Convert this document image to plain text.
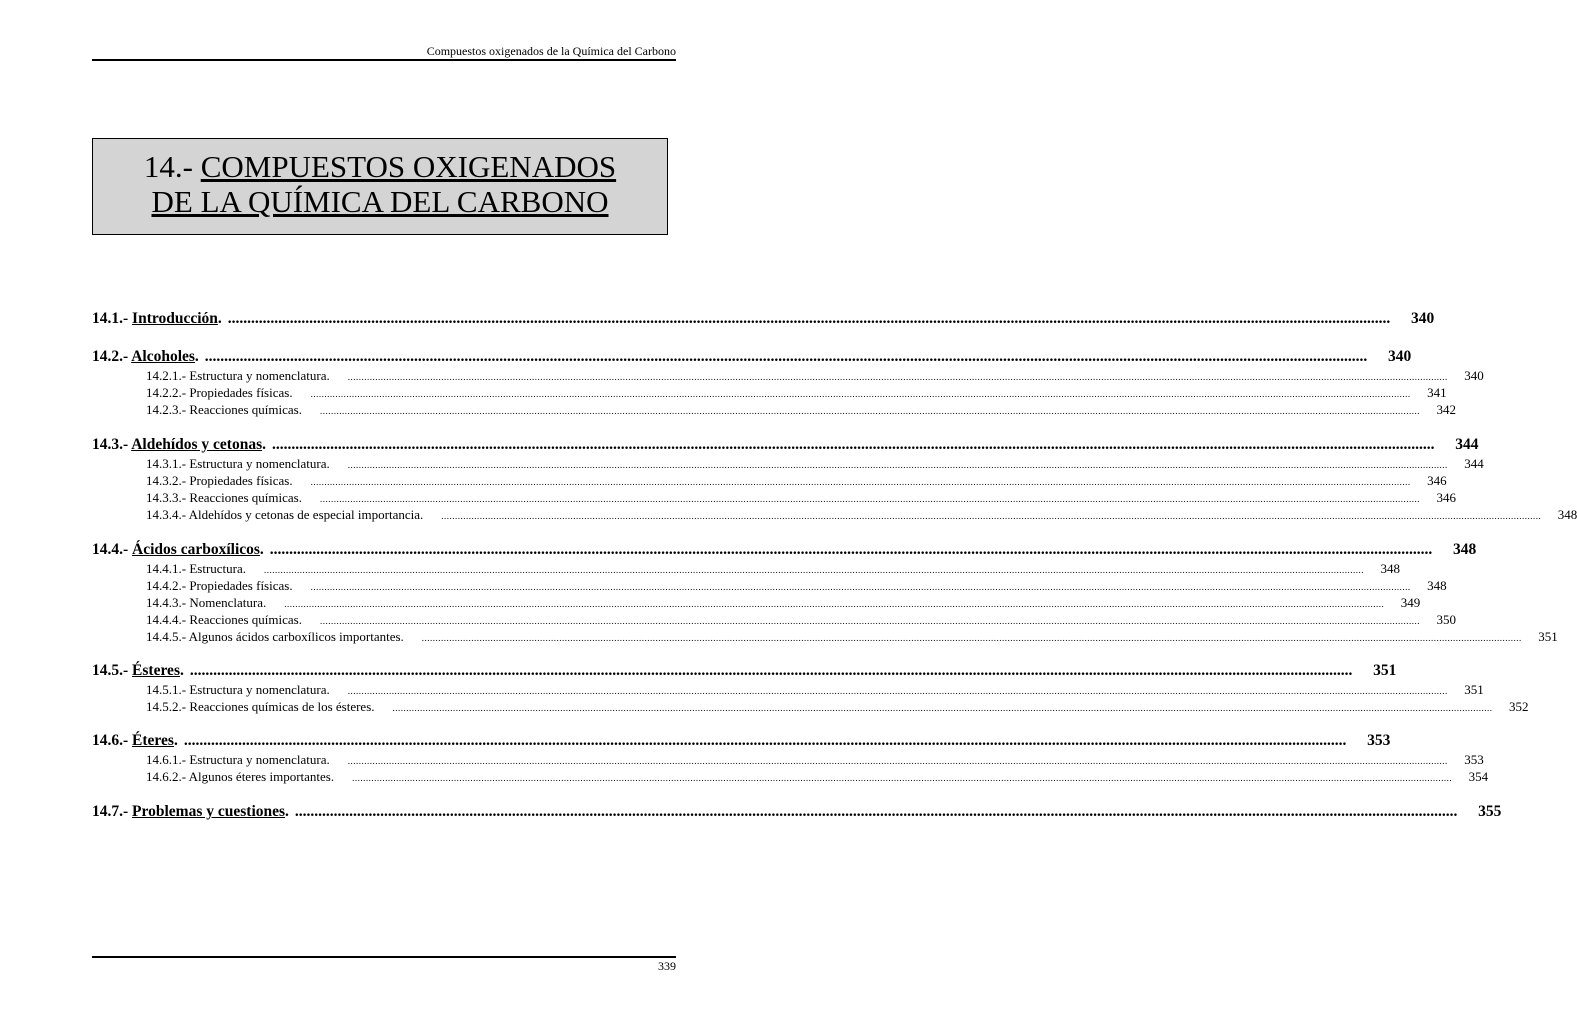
Compuestos oxigenados de la Química del Carbono
14.- COMPUESTOS OXIGENADOS
DE LA QUÍMICA DEL CARBONO
14.1.- Introducción. ............................................................................................................................................................................................................................................................................................................	340
14.2.- Alcoholes. ............................................................................................................................................................................................................................................................................................................	340
14.2.1.- Estructura y nomenclatura. ................................................................................................................................................................................................................................................................................................................................................................................................................	340
14.2.2.- Propiedades físicas. ................................................................................................................................................................................................................................................................................................................................................................................................................	341
14.2.3.- Reacciones químicas. ................................................................................................................................................................................................................................................................................................................................................................................................................	342
14.3.- Aldehídos y cetonas. ............................................................................................................................................................................................................................................................................................................	344
14.3.1.- Estructura y nomenclatura. ................................................................................................................................................................................................................................................................................................................................................................................................................	344
14.3.2.- Propiedades físicas. ................................................................................................................................................................................................................................................................................................................................................................................................................	346
14.3.3.- Reacciones químicas. ................................................................................................................................................................................................................................................................................................................................................................................................................	346
14.3.4.- Aldehídos y cetonas de especial importancia. ................................................................................................................................................................................................................................................................................................................................................................................................................	348
14.4.- Ácidos carboxílicos. ............................................................................................................................................................................................................................................................................................................	348
14.4.1.- Estructura. ................................................................................................................................................................................................................................................................................................................................................................................................................	348
14.4.2.- Propiedades físicas. ................................................................................................................................................................................................................................................................................................................................................................................................................	348
14.4.3.- Nomenclatura. ................................................................................................................................................................................................................................................................................................................................................................................................................	349
14.4.4.- Reacciones químicas. ................................................................................................................................................................................................................................................................................................................................................................................................................	350
14.4.5.- Algunos ácidos carboxílicos importantes. ................................................................................................................................................................................................................................................................................................................................................................................................................	351
14.5.- Ésteres. ............................................................................................................................................................................................................................................................................................................	351
14.5.1.- Estructura y nomenclatura. ................................................................................................................................................................................................................................................................................................................................................................................................................	351
14.5.2.- Reacciones químicas de los ésteres. ................................................................................................................................................................................................................................................................................................................................................................................................................	352
14.6.- Éteres. ............................................................................................................................................................................................................................................................................................................	353
14.6.1.- Estructura y nomenclatura. ................................................................................................................................................................................................................................................................................................................................................................................................................	353
14.6.2.- Algunos éteres importantes. ................................................................................................................................................................................................................................................................................................................................................................................................................	354
14.7.- Problemas y cuestiones. ............................................................................................................................................................................................................................................................................................................	355
339
